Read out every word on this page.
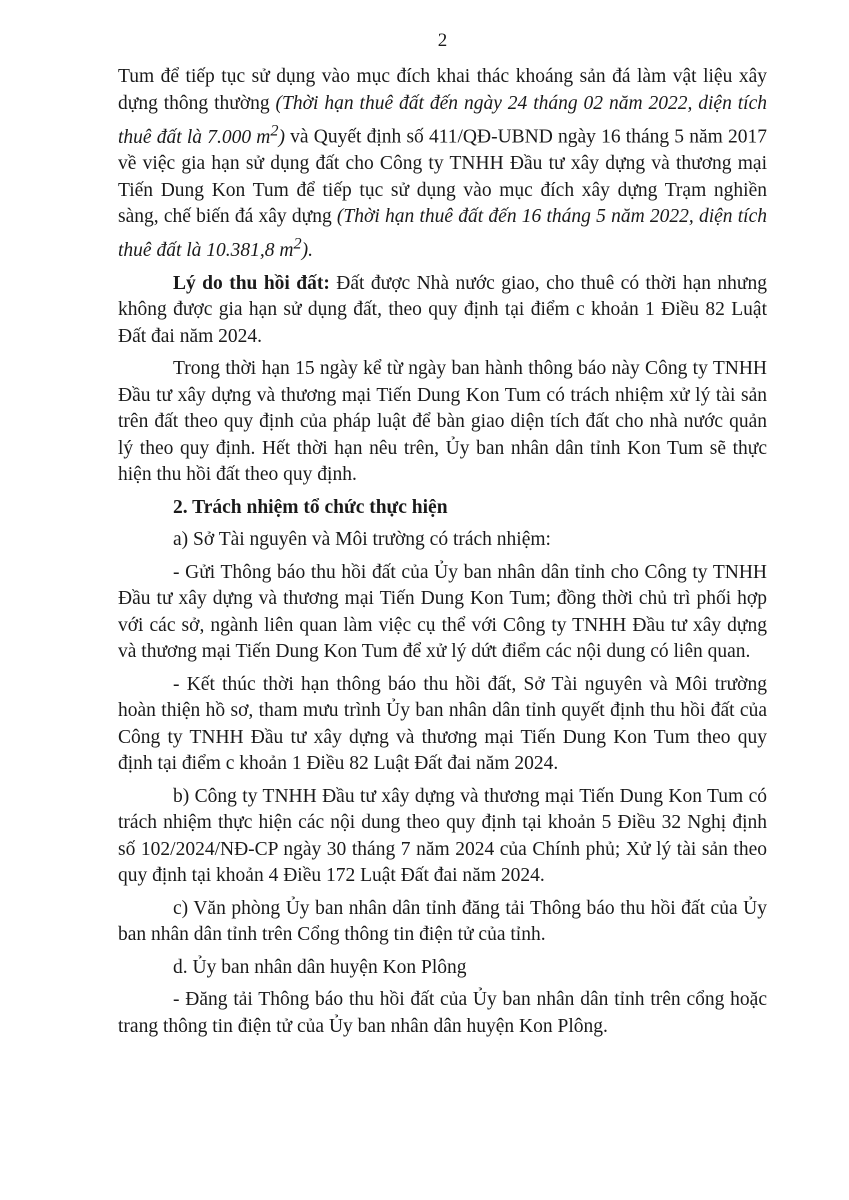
2

Tum để tiếp tục sử dụng vào mục đích khai thác khoáng sản đá làm vật liệu xây dựng thông thường (Thời hạn thuê đất đến ngày 24 tháng 02 năm 2022, diện tích thuê đất là 7.000 $m^2$) và Quyết định số 411/QĐ-UBND ngày 16 tháng 5 năm 2017 về việc gia hạn sử dụng đất cho Công ty TNHH Đầu tư xây dựng và thương mại Tiến Dung Kon Tum để tiếp tục sử dụng vào mục đích xây dựng Trạm nghiền sàng, chế biến đá xây dựng (Thời hạn thuê đất đến 16 tháng 5 năm 2022, diện tích thuê đất là 10.381,8 $m^2$).

Lý do thu hồi đất: Đất được Nhà nước giao, cho thuê có thời hạn nhưng không được gia hạn sử dụng đất, theo quy định tại điểm c khoản 1 Điều 82 Luật Đất đai năm 2024.

Trong thời hạn 15 ngày kể từ ngày ban hành thông báo này Công ty TNHH Đầu tư xây dựng và thương mại Tiến Dung Kon Tum có trách nhiệm xử lý tài sản trên đất theo quy định của pháp luật để bàn giao diện tích đất cho nhà nước quản lý theo quy định. Hết thời hạn nêu trên, Ủy ban nhân dân tỉnh Kon Tum sẽ thực hiện thu hồi đất theo quy định.

2. Trách nhiệm tổ chức thực hiện

a) Sở Tài nguyên và Môi trường có trách nhiệm:

- Gửi Thông báo thu hồi đất của Ủy ban nhân dân tỉnh cho Công ty TNHH Đầu tư xây dựng và thương mại Tiến Dung Kon Tum; đồng thời chủ trì phối hợp với các sở, ngành liên quan làm việc cụ thể với Công ty TNHH Đầu tư xây dựng và thương mại Tiến Dung Kon Tum để xử lý dứt điểm các nội dung có liên quan.

- Kết thúc thời hạn thông báo thu hồi đất, Sở Tài nguyên và Môi trường hoàn thiện hồ sơ, tham mưu trình Ủy ban nhân dân tỉnh quyết định thu hồi đất của Công ty TNHH Đầu tư xây dựng và thương mại Tiến Dung Kon Tum theo quy định tại điểm c khoản 1 Điều 82 Luật Đất đai năm 2024.

b) Công ty TNHH Đầu tư xây dựng và thương mại Tiến Dung Kon Tum có trách nhiệm thực hiện các nội dung theo quy định tại khoản 5 Điều 32 Nghị định số 102/2024/NĐ-CP ngày 30 tháng 7 năm 2024 của Chính phủ; Xử lý tài sản theo quy định tại khoản 4 Điều 172 Luật Đất đai năm 2024.

c) Văn phòng Ủy ban nhân dân tỉnh đăng tải Thông báo thu hồi đất của Ủy ban nhân dân tỉnh trên Cổng thông tin điện tử của tỉnh.

d. Ủy ban nhân dân huyện Kon Plông

- Đăng tải Thông báo thu hồi đất của Ủy ban nhân dân tỉnh trên cổng hoặc trang thông tin điện tử của Ủy ban nhân dân huyện Kon Plông.
